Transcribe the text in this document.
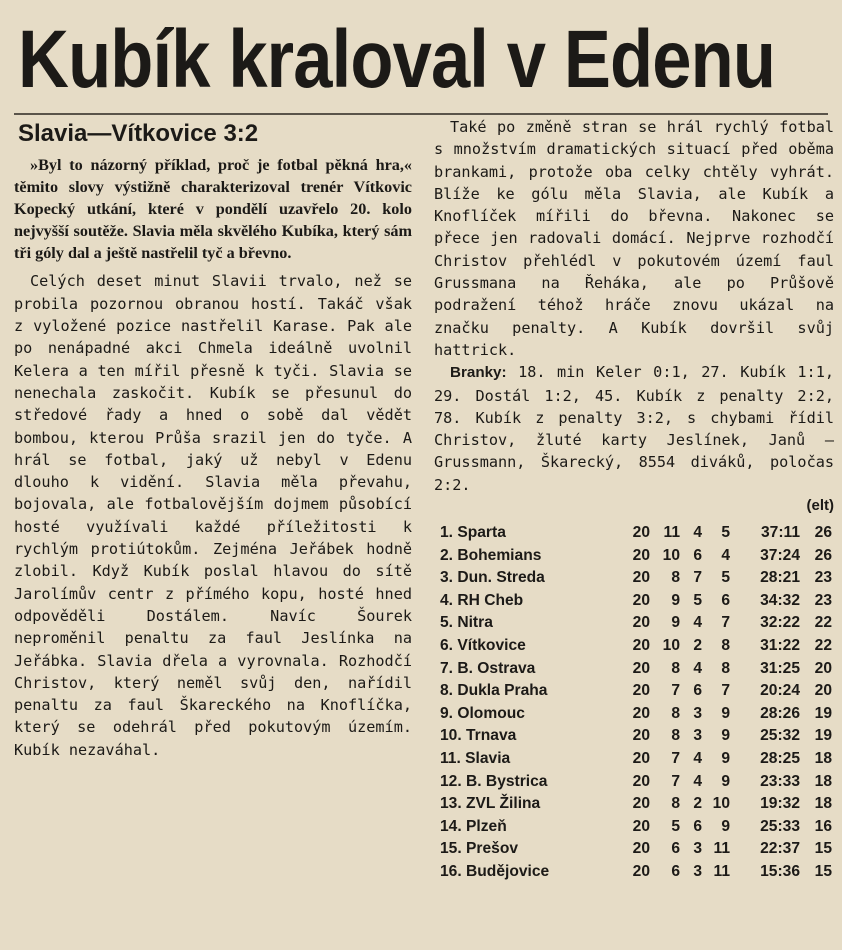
Kubík kraloval v Edenu
Slavia—Vítkovice 3:2

»Byl to názorný příklad, proč je fotbal pěkná hra,« těmito slovy výstižně charakterizoval trenér Vítkovic Kopecký utkání, které v pondělí uzavřelo 20. kolo nejvyšší soutěže. Slavia měla skvělého Kubíka, který sám tři góly dal a ještě nastřelil tyč a břevno.

Celých deset minut Slavii trvalo, než se probila pozornou obranou hostí. Takáč však z vyložené pozice nastřelil Karase. Pak ale po nenápadné akci Chmela ideálně uvolnil Kelera a ten mířil přesně k tyči. Slavia se nenechala zaskočit. Kubík se přesunul do středové řady a hned o sobě dal vědět bombou, kterou Průša srazil jen do tyče. A hrál se fotbal, jaký už nebyl v Edenu dlouho k vidění. Slavia měla převahu, bojovala, ale fotbalovějším dojmem působící hosté využívali každé příležitosti k rychlým protiútokům. Zejména Jeřábek hodně zlobil. Když Kubík poslal hlavou do sítě Jarolímův centr z přímého kopu, hosté hned odpověděli Dostálem. Navíc Šourek neproměnil penaltu za faul Jeslínka na Jeřábka. Slavia dřela a vyrovnala. Rozhodčí Christov, který neměl svůj den, nařídil penaltu za faul Škareckého na Knoflíčka, který se odehrál před pokutovým územím. Kubík nezaváhal.

Také po změně stran se hrál rychlý fotbal s množstvím dramatických situací před oběma brankami, protože oba celky chtěly vyhrát. Blíže ke gólu měla Slavia, ale Kubík a Knoflíček mířili do břevna. Nakonec se přece jen radovali domácí. Nejprve rozhodčí Christov přehlédl v pokutovém území faul Grussmana na Řeháka, ale po Průšově podražení téhož hráče znovu ukázal na značku penalty. A Kubík dovršil svůj hattrick.

Branky: 18. min Keler 0:1, 27. Kubík 1:1, 29. Dostál 1:2, 45. Kubík z penalty 2:2, 78. Kubík z penalty 3:2, s chybami řídil Christov, žluté karty Jeslínek, Janů — Grussmann, Škarecký, 8554 diváků, poločas 2:2.

(elt)
1. Sparta	20	11	4	5	37:11	26
2. Bohemians	20	10	6	4	37:24	26
3. Dun. Streda	20	8	7	5	28:21	23
4. RH Cheb	20	9	5	6	34:32	23
5. Nitra	20	9	4	7	32:22	22
6. Vítkovice	20	10	2	8	31:22	22
7. B. Ostrava	20	8	4	8	31:25	20
8. Dukla Praha	20	7	6	7	20:24	20
9. Olomouc	20	8	3	9	28:26	19
10. Trnava	20	8	3	9	25:32	19
11. Slavia	20	7	4	9	28:25	18
12. B. Bystrica	20	7	4	9	23:33	18
13. ZVL Žilina	20	8	2	10	19:32	18
14. Plzeň	20	5	6	9	25:33	16
15. Prešov	20	6	3	11	22:37	15
16. Budějovice	20	6	3	11	15:36	15
